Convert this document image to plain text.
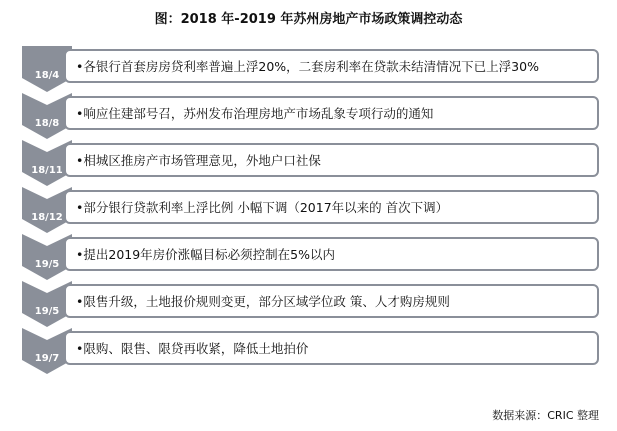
图：2018 年-2019 年苏州房地产市场政策调控动态
18/4
•各银行首套房房贷利率普遍上浮20%，二套房利率在贷款未结清情况下已上浮30%
18/8
•响应住建部号召，苏州发布治理房地产市场乱象专项行动的通知
18/11
•相城区推房产市场管理意见，外地户口社保
18/12
•部分银行贷款利率上浮比例 小幅下调（2017年以来的 首次下调）
19/5
•提出2019年房价涨幅目标必须控制在5%以内
19/5
•限售升级，土地报价规则变更，部分区域学位政 策、人才购房规则
19/7
•限购、限售、限贷再收紧，降低土地拍价
数据来源：CRIC 整理
